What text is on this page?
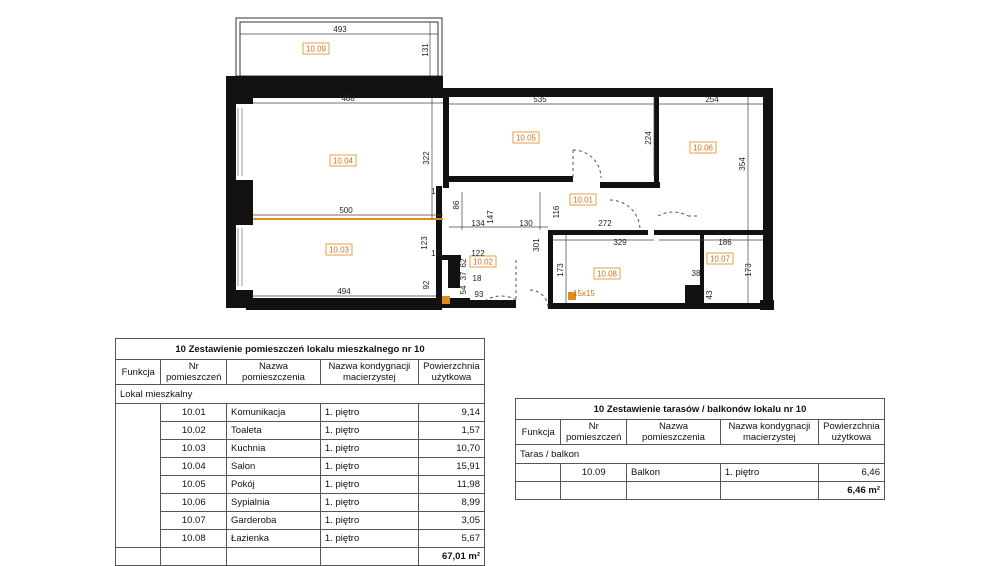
10.09
10.04
10.03
10.05
10.06
10.01
10.02
10.08
10.07
493
131
488	535	254
322
224
354
12
86
500
134 147	130
116
272
329	186
123
12	122
62
301
173	173
38
37 18
54
92
494	93	43
15x15
10 Zestawienie pomieszczeń lokalu mieszkalnego nr 10				
Funkcja	Nr pomieszczeń	Nazwa pomieszczenia	Nazwa kondygnacji macierzystej	Powierzchnia użytkowa
Lokal mieszkalny				
	10.01	Komunikacja	1. piętro	9,14
	10.02	Toaleta	1. piętro	1,57
	10.03	Kuchnia	1. piętro	10,70
	10.04	Salon	1. piętro	15,91
	10.05	Pokój	1. piętro	11,98
	10.06	Sypialnia	1. piętro	8,99
	10.07	Garderoba	1. piętro	3,05
	10.08	Łazienka	1. piętro	5,67
				67,01 m²
10 Zestawienie tarasów / balkonów lokalu nr 10				
Funkcja	Nr pomieszczeń	Nazwa pomieszczenia	Nazwa kondygnacji macierzystej	Powierzchnia użytkowa
Taras / balkon				
	10.09	Balkon	1. piętro	6,46
				6,46 m²
